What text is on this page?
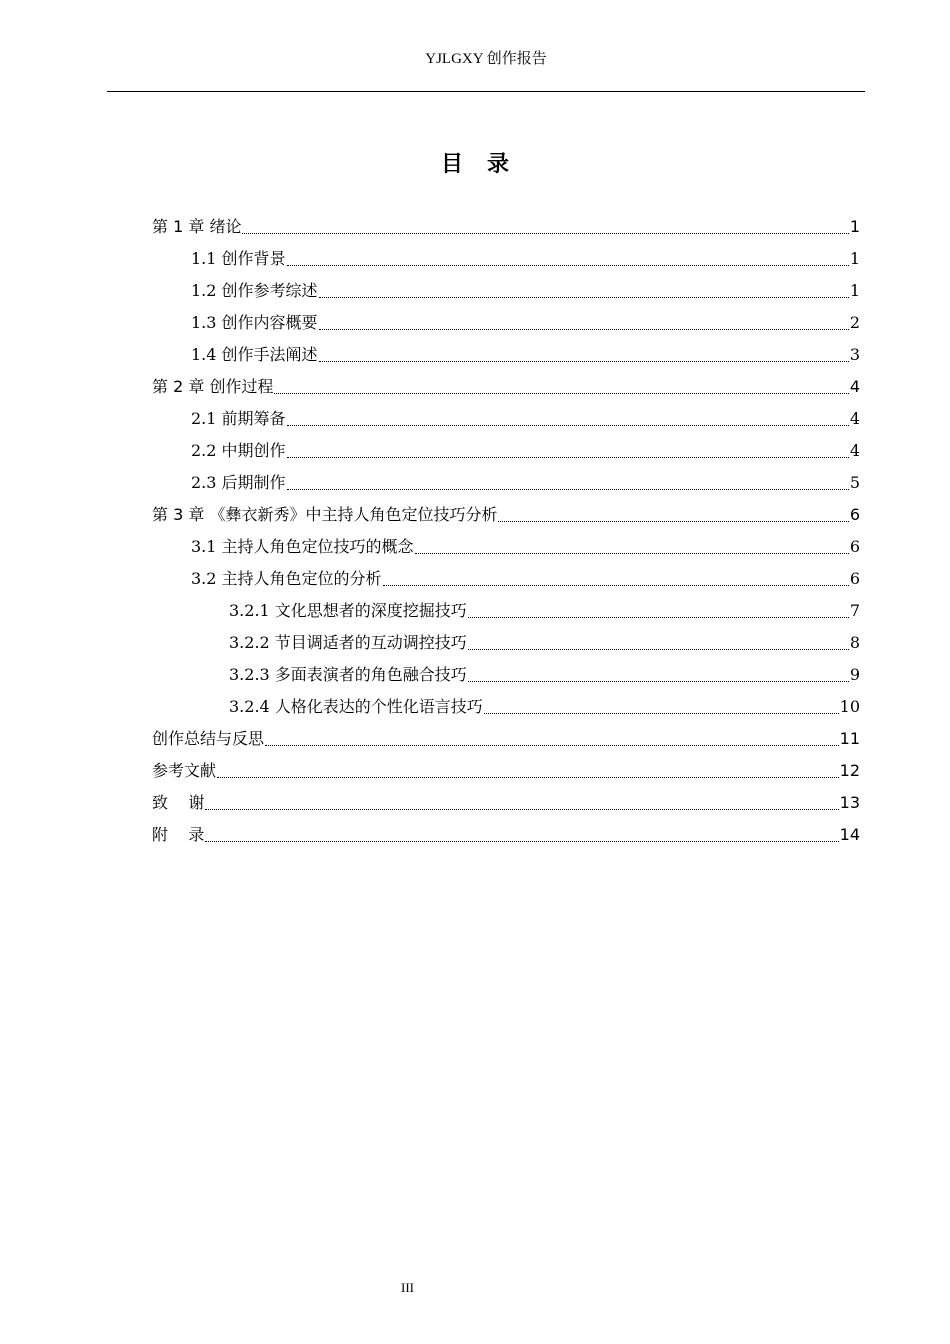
YJLGXY 创作报告
目录
第 1 章 绪论	1
1.1 创作背景	1
1.2 创作参考综述	1
1.3 创作内容概要	2
1.4 创作手法阐述	3
第 2 章 创作过程	4
2.1 前期筹备	4
2.2 中期创作	4
2.3 后期制作	5
第 3 章 《彝衣新秀》中主持人角色定位技巧分析	6
3.1 主持人角色定位技巧的概念	6
3.2 主持人角色定位的分析	6
3.2.1 文化思想者的深度挖掘技巧	7
3.2.2 节目调适者的互动调控技巧	8
3.2.3 多面表演者的角色融合技巧	9
3.2.4 人格化表达的个性化语言技巧	10
创作总结与反思	11
参考文献	12
致    谢	13
附    录	14
III
